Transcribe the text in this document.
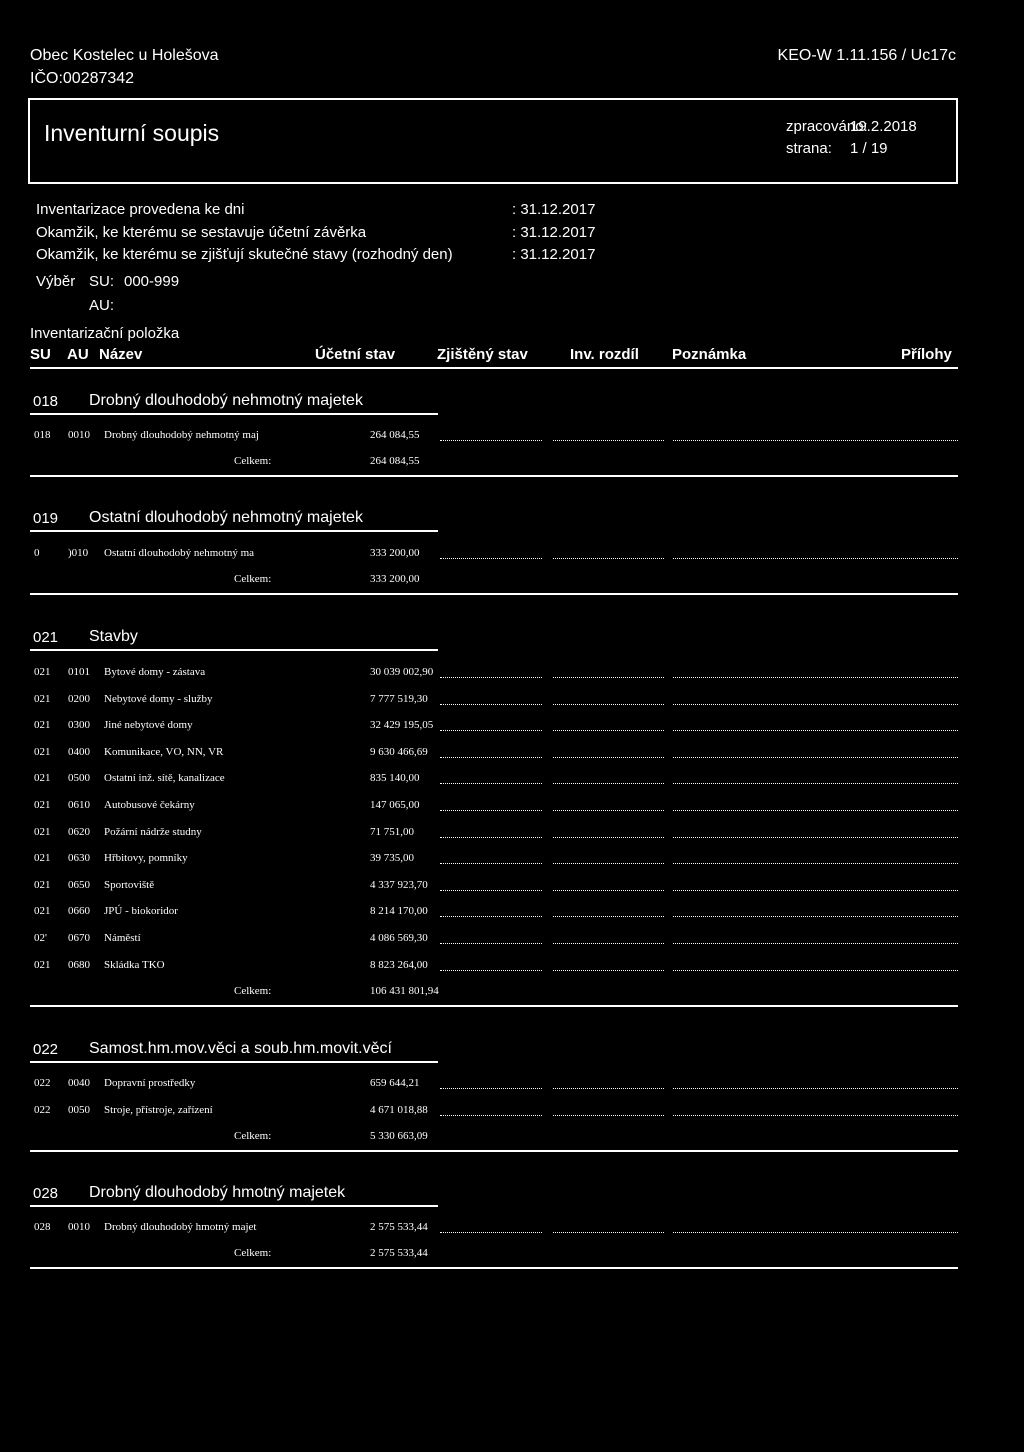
Obec Kostelec u Holešova
IČO:00287342
KEO-W 1.11.156 / Uc17c
Inventurní soupis	zpracováno:
19.2.2018
strana: 1 / 19
Inventarizace provedena ke dni	: 31.12.2017
Okamžik, ke kterému se sestavuje účetní závěrka	: 31.12.2017
Okamžik, ke kterému se zjišťují skutečné stavy (rozhodný den)	: 31.12.2017
Výběr SU: 000-999
AU:
Inventarizační položka
SU AU Název	Účetní stav	Zjištěný stav	Inv. rozdíl Poznámka	Přílohy
018 Drobný dlouhodobý nehmotný majetek
018 0010 Drobný dlouhodobý nehmotný maj	264 084,55
Celkem:	264 084,55
019 Ostatní dlouhodobý nehmotný majetek
0	)010 Ostatní dlouhodobý nehmotný ma	333 200,00
Celkem:	333 200,00
021 Stavby
021 0101 Bytové domy - zástava	30 039 002,90
021 0200 Nebytové domy - služby	7 777 519,30
021 0300 Jiné nebytové domy	32 429 195,05
021 0400 Komunikace, VO, NN, VR	9 630 466,69
021 0500 Ostatní inž. sítě, kanalizace	835 140,00
021 0610 Autobusové čekárny	147 065,00
021 0620 Požární nádrže studny	71 751,00
021 0630 Hřbitovy, pomníky	39 735,00
021 0650 Sportoviště	4 337 923,70
021 0660 JPÚ - biokoridor	8 214 170,00
02' 0670 Náměstí	4 086 569,30
021 0680 Skládka TKO	8 823 264,00
Celkem:	106 431 801,94
022 Samost.hm.mov.věci a soub.hm.movit.věcí
022 0040 Dopravní prostředky	659 644,21
022 0050 Stroje, přístroje, zařízení	4 671 018,88
Celkem:	5 330 663,09
028 Drobný dlouhodobý hmotný majetek
028 0010 Drobný dlouhodobý hmotný majet	2 575 533,44
Celkem:	2 575 533,44
